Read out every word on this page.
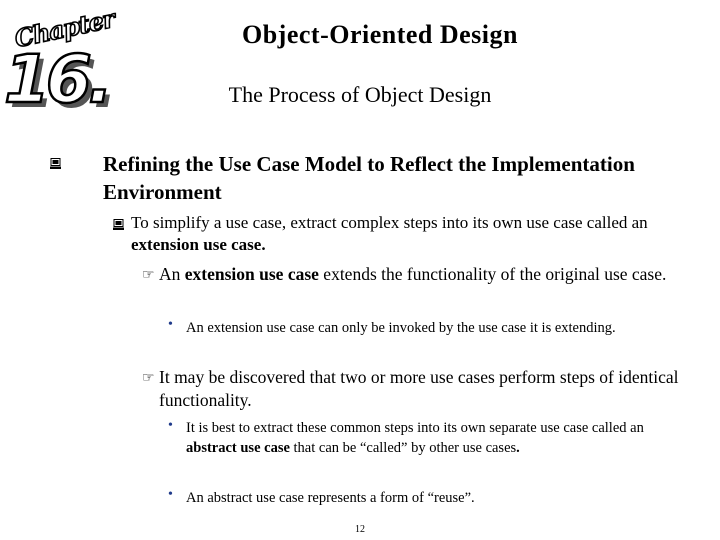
Chapter
16.
Object-Oriented Design
The Process of Object Design
Refining the Use Case Model to Reflect the Implementation Environment
To simplify a use case, extract complex steps into its own use case called an extension use case.
☞ An extension use case extends the functionality of the original use case.
• An extension use case can only be invoked by the use case it is extending.
☞ It may be discovered that two or more use cases perform steps of identical functionality.
• It is best to extract these common steps into its own separate use case called an abstract use case that can be “called” by other use cases.
• An abstract use case represents a form of “reuse”.
12
